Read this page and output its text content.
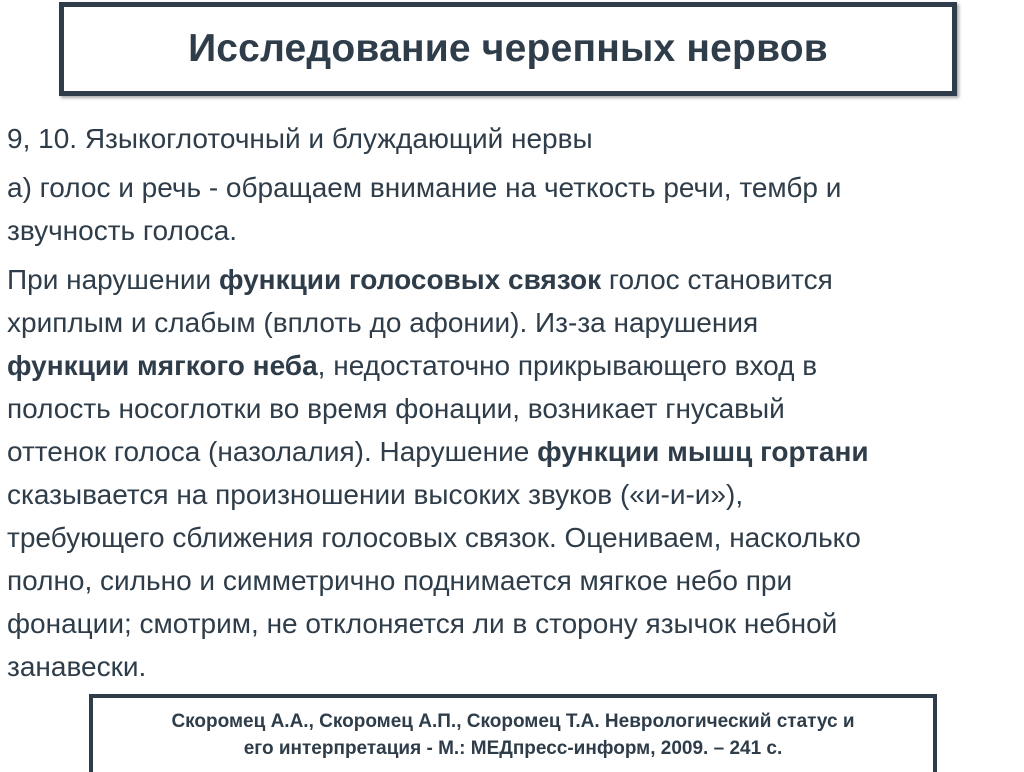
Исследование черепных нервов

9, 10. Языкоглоточный и блуждающий нервы

а) голос и речь - обращаем внимание на четкость речи, тембр и
звучность голоса.

При нарушении функции голосовых связок голос становится
хриплым и слабым (вплоть до афонии). Из-за нарушения
функции мягкого неба, недостаточно прикрывающего вход в
полость носоглотки во время фонации, возникает гнусавый
оттенок голоса (назолалия). Нарушение функции мышц гортани
сказывается на произношении высоких звуков («и-и-и»),
требующего сближения голосовых связок. Оцениваем, насколько
полно, сильно и симметрично поднимается мягкое небо при
фонации; смотрим, не отклоняется ли в сторону язычок небной
занавески.

Скоромец А.А., Скоромец А.П., Скоромец Т.А. Неврологический статус и
его интерпретация - М.: МЕДпресс-информ, 2009. – 241 с.
